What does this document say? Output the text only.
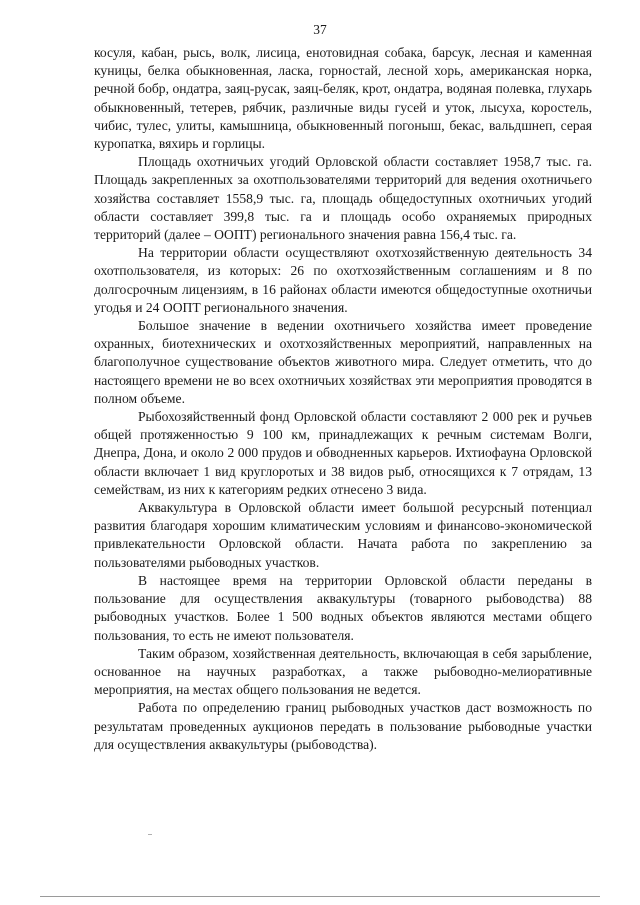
37

косуля, кабан, рысь, волк, лисица, енотовидная собака, барсук, лесная и каменная куницы, белка обыкновенная, ласка, горностай, лесной хорь, американская норка, речной бобр, ондатра, заяц-русак, заяц-беляк, крот, ондатра, водяная полевка, глухарь обыкновенный, тетерев, рябчик, различные виды гусей и уток, лысуха, коростель, чибис, тулес, улиты, камышница, обыкновенный погоныш, бекас, вальдшнеп, серая куропатка, вяхирь и горлицы.

Площадь охотничьих угодий Орловской области составляет 1958,7 тыс. га. Площадь закрепленных за охотпользователями территорий для ведения охотничьего хозяйства составляет 1558,9 тыс. га, площадь общедоступных охотничьих угодий области составляет 399,8 тыс. га и площадь особо охраняемых природных территорий (далее – ООПТ) регионального значения равна 156,4 тыс. га.

На территории области осуществляют охотхозяйственную деятельность 34 охотпользователя, из которых: 26 по охотхозяйственным соглашениям и 8 по долгосрочным лицензиям, в 16 районах области имеются общедоступные охотничьи угодья и 24 ООПТ регионального значения.

Большое значение в ведении охотничьего хозяйства имеет проведение охранных, биотехнических и охотхозяйственных мероприятий, направленных на благополучное существование объектов животного мира. Следует отметить, что до настоящего времени не во всех охотничьих хозяйствах эти мероприятия проводятся в полном объеме.

Рыбохозяйственный фонд Орловской области составляют 2 000 рек и ручьев общей протяженностью 9 100 км, принадлежащих к речным системам Волги, Днепра, Дона, и около 2 000 прудов и обводненных карьеров. Ихтиофауна Орловской области включает 1 вид круглоротых и 38 видов рыб, относящихся к 7 отрядам, 13 семействам, из них к категориям редких отнесено 3 вида.

Аквакультура в Орловской области имеет большой ресурсный потенциал развития благодаря хорошим климатическим условиям и финансово-экономической привлекательности Орловской области. Начата работа по закреплению за пользователями рыбоводных участков.

В настоящее время на территории Орловской области переданы в пользование для осуществления аквакультуры (товарного рыбоводства) 88 рыбоводных участков. Более 1 500 водных объектов являются местами общего пользования, то есть не имеют пользователя.

Таким образом, хозяйственная деятельность, включающая в себя зарыбление, основанное на научных разработках, а также рыбоводно-мелиоративные мероприятия, на местах общего пользования не ведется.

Работа по определению границ рыбоводных участков даст возможность по результатам проведенных аукционов передать в пользование рыбоводные участки для осуществления аквакультуры (рыбоводства).
